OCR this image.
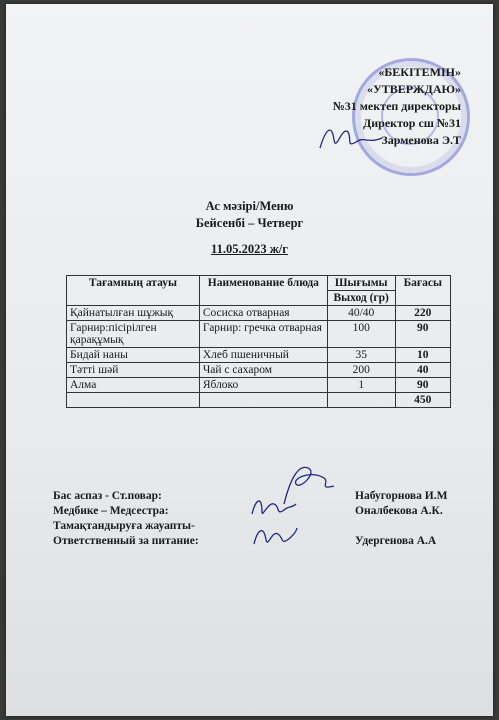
«БЕКІТЕМІН»
«УТВЕРЖДАЮ»
№31 мектеп директоры
Директор сш №31
Зарменова Э.Т
Ас мәзірі/Меню
Бейсенбі – Четверг
11.05.2023 ж/г
Тағамның атауы	Наименование блюда	Шығымы	Бағасы
		Выход (гр)	
Қайнатылған шұжық	Сосиска отварная	40/40	220
Гарнир:пісірілген қарақұмық	Гарнир: гречка отварная	100	90
Бидай наны	Хлеб пшеничный	35	10
Тәтті шәй	Чай с сахаром	200	40
Алма	Яблоко	1	90
			450
Бас аспаз - Ст.повар:	Набугорнова И.М
Медбике – Медсестра:	Оналбекова А.К.
Тамақтандыруға жауапты-
Ответственный за питание:	Удергенова А.А
